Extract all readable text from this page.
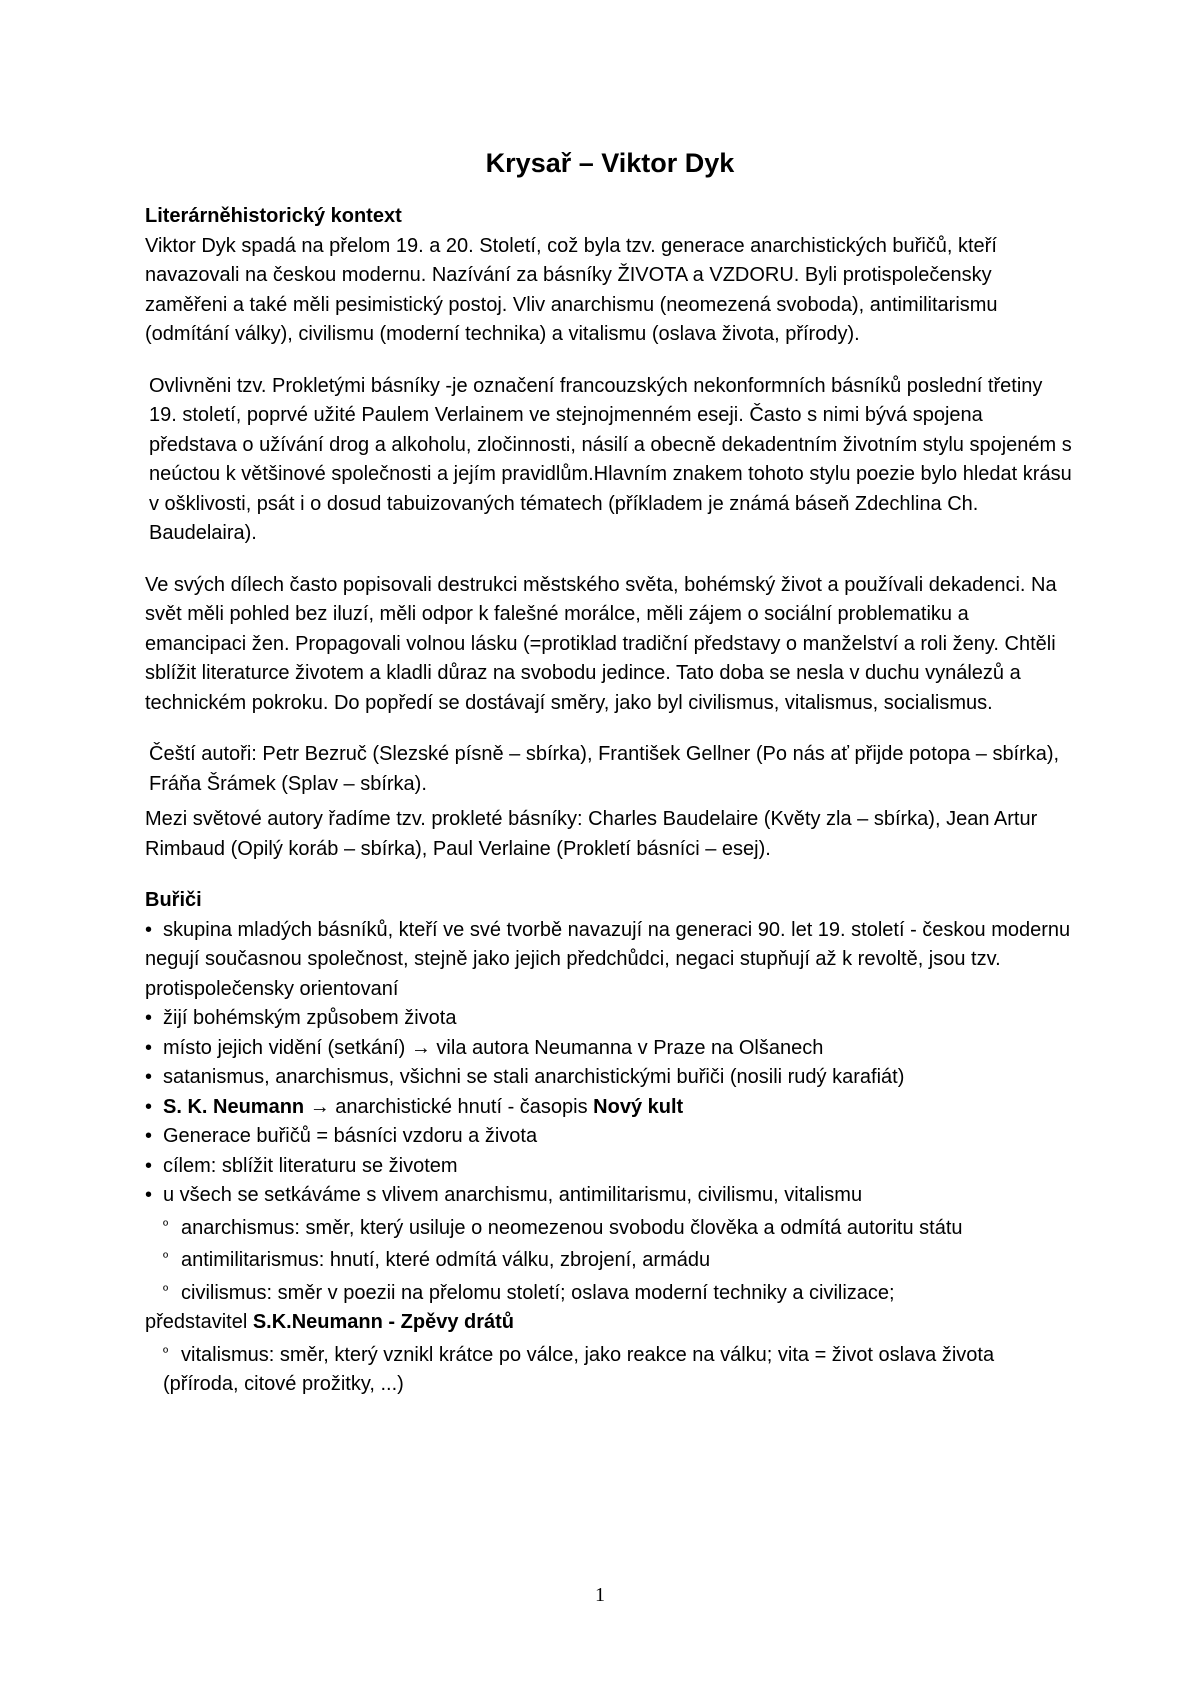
Krysař – Viktor Dyk

Literárněhistorický kontext

Viktor Dyk spadá na přelom 19. a 20. Století, což byla tzv. generace anarchistických buřičů, kteří navazovali na českou modernu. Nazívání za básníky ŽIVOTA a VZDORU. Byli protispolečensky zaměřeni a také měli pesimistický postoj. Vliv anarchismu (neomezená svoboda), antimilitarismu (odmítání války), civilismu (moderní technika) a vitalismu (oslava života, přírody).

Ovlivněni tzv. Prokletými básníky -je označení francouzských nekonformních básníků poslední třetiny 19. století, poprvé užité Paulem Verlainem ve stejnojmenném eseji. Často s nimi bývá spojena představa o užívání drog a alkoholu, zločinnosti, násilí a obecně dekadentním životním stylu spojeném s neúctou k většinové společnosti a jejím pravidlům.Hlavním znakem tohoto stylu poezie bylo hledat krásu v ošklivosti, psát i o dosud tabuizovaných tématech (příkladem je známá báseň Zdechlina Ch. Baudelaira).

Ve svých dílech často popisovali destrukci městského světa, bohémský život a používali dekadenci. Na svět měli pohled bez iluzí, měli odpor k falešné morálce, měli zájem o sociální problematiku a emancipaci žen. Propagovali volnou lásku (=protiklad tradiční představy o manželství a roli ženy. Chtěli sblížit literaturce životem a kladli důraz na svobodu jedince. Tato doba se nesla v duchu vynálezů a technickém pokroku. Do popředí se dostávají směry, jako byl civilismus, vitalismus, socialismus.

Čeští autoři: Petr Bezruč (Slezské písně – sbírka), František Gellner (Po nás ať přijde potopa – sbírka), Fráňa Šrámek (Splav – sbírka).

Mezi světové autory řadíme tzv. prokleté básníky: Charles Baudelaire (Květy zla – sbírka), Jean Artur Rimbaud (Opilý koráb – sbírka), Paul Verlaine (Prokletí básníci – esej).

Buřiči

• skupina mladých básníků, kteří ve své tvorbě navazují na generaci 90. let 19. století - českou modernu
negují současnou společnost, stejně jako jejich předchůdci, negaci stupňují až k revoltě, jsou tzv. protispolečensky orientovaní
• žijí bohémským způsobem života
• místo jejich vidění (setkání) → vila autora Neumanna v Praze na Olšanech
• satanismus, anarchismus, všichni se stali anarchistickými buřiči (nosili rudý karafiát)
• S. K. Neumann → anarchistické hnutí - časopis Nový kult
• Generace buřičů = básníci vzdoru a života
• cílem: sblížit literaturu se životem
• u všech se setkáváme s vlivem anarchismu, antimilitarismu, civilismu, vitalismu
º anarchismus: směr, který usiluje o neomezenou svobodu člověka a odmítá autoritu státu
º antimilitarismus: hnutí, které odmítá válku, zbrojení, armádu
º civilismus: směr v poezii na přelomu století; oslava moderní techniky a civilizace;
představitel S.K.Neumann - Zpěvy drátů
º vitalismus: směr, který vznikl krátce po válce, jako reakce na válku; vita = život oslava života (příroda, citové prožitky, ...)
1
